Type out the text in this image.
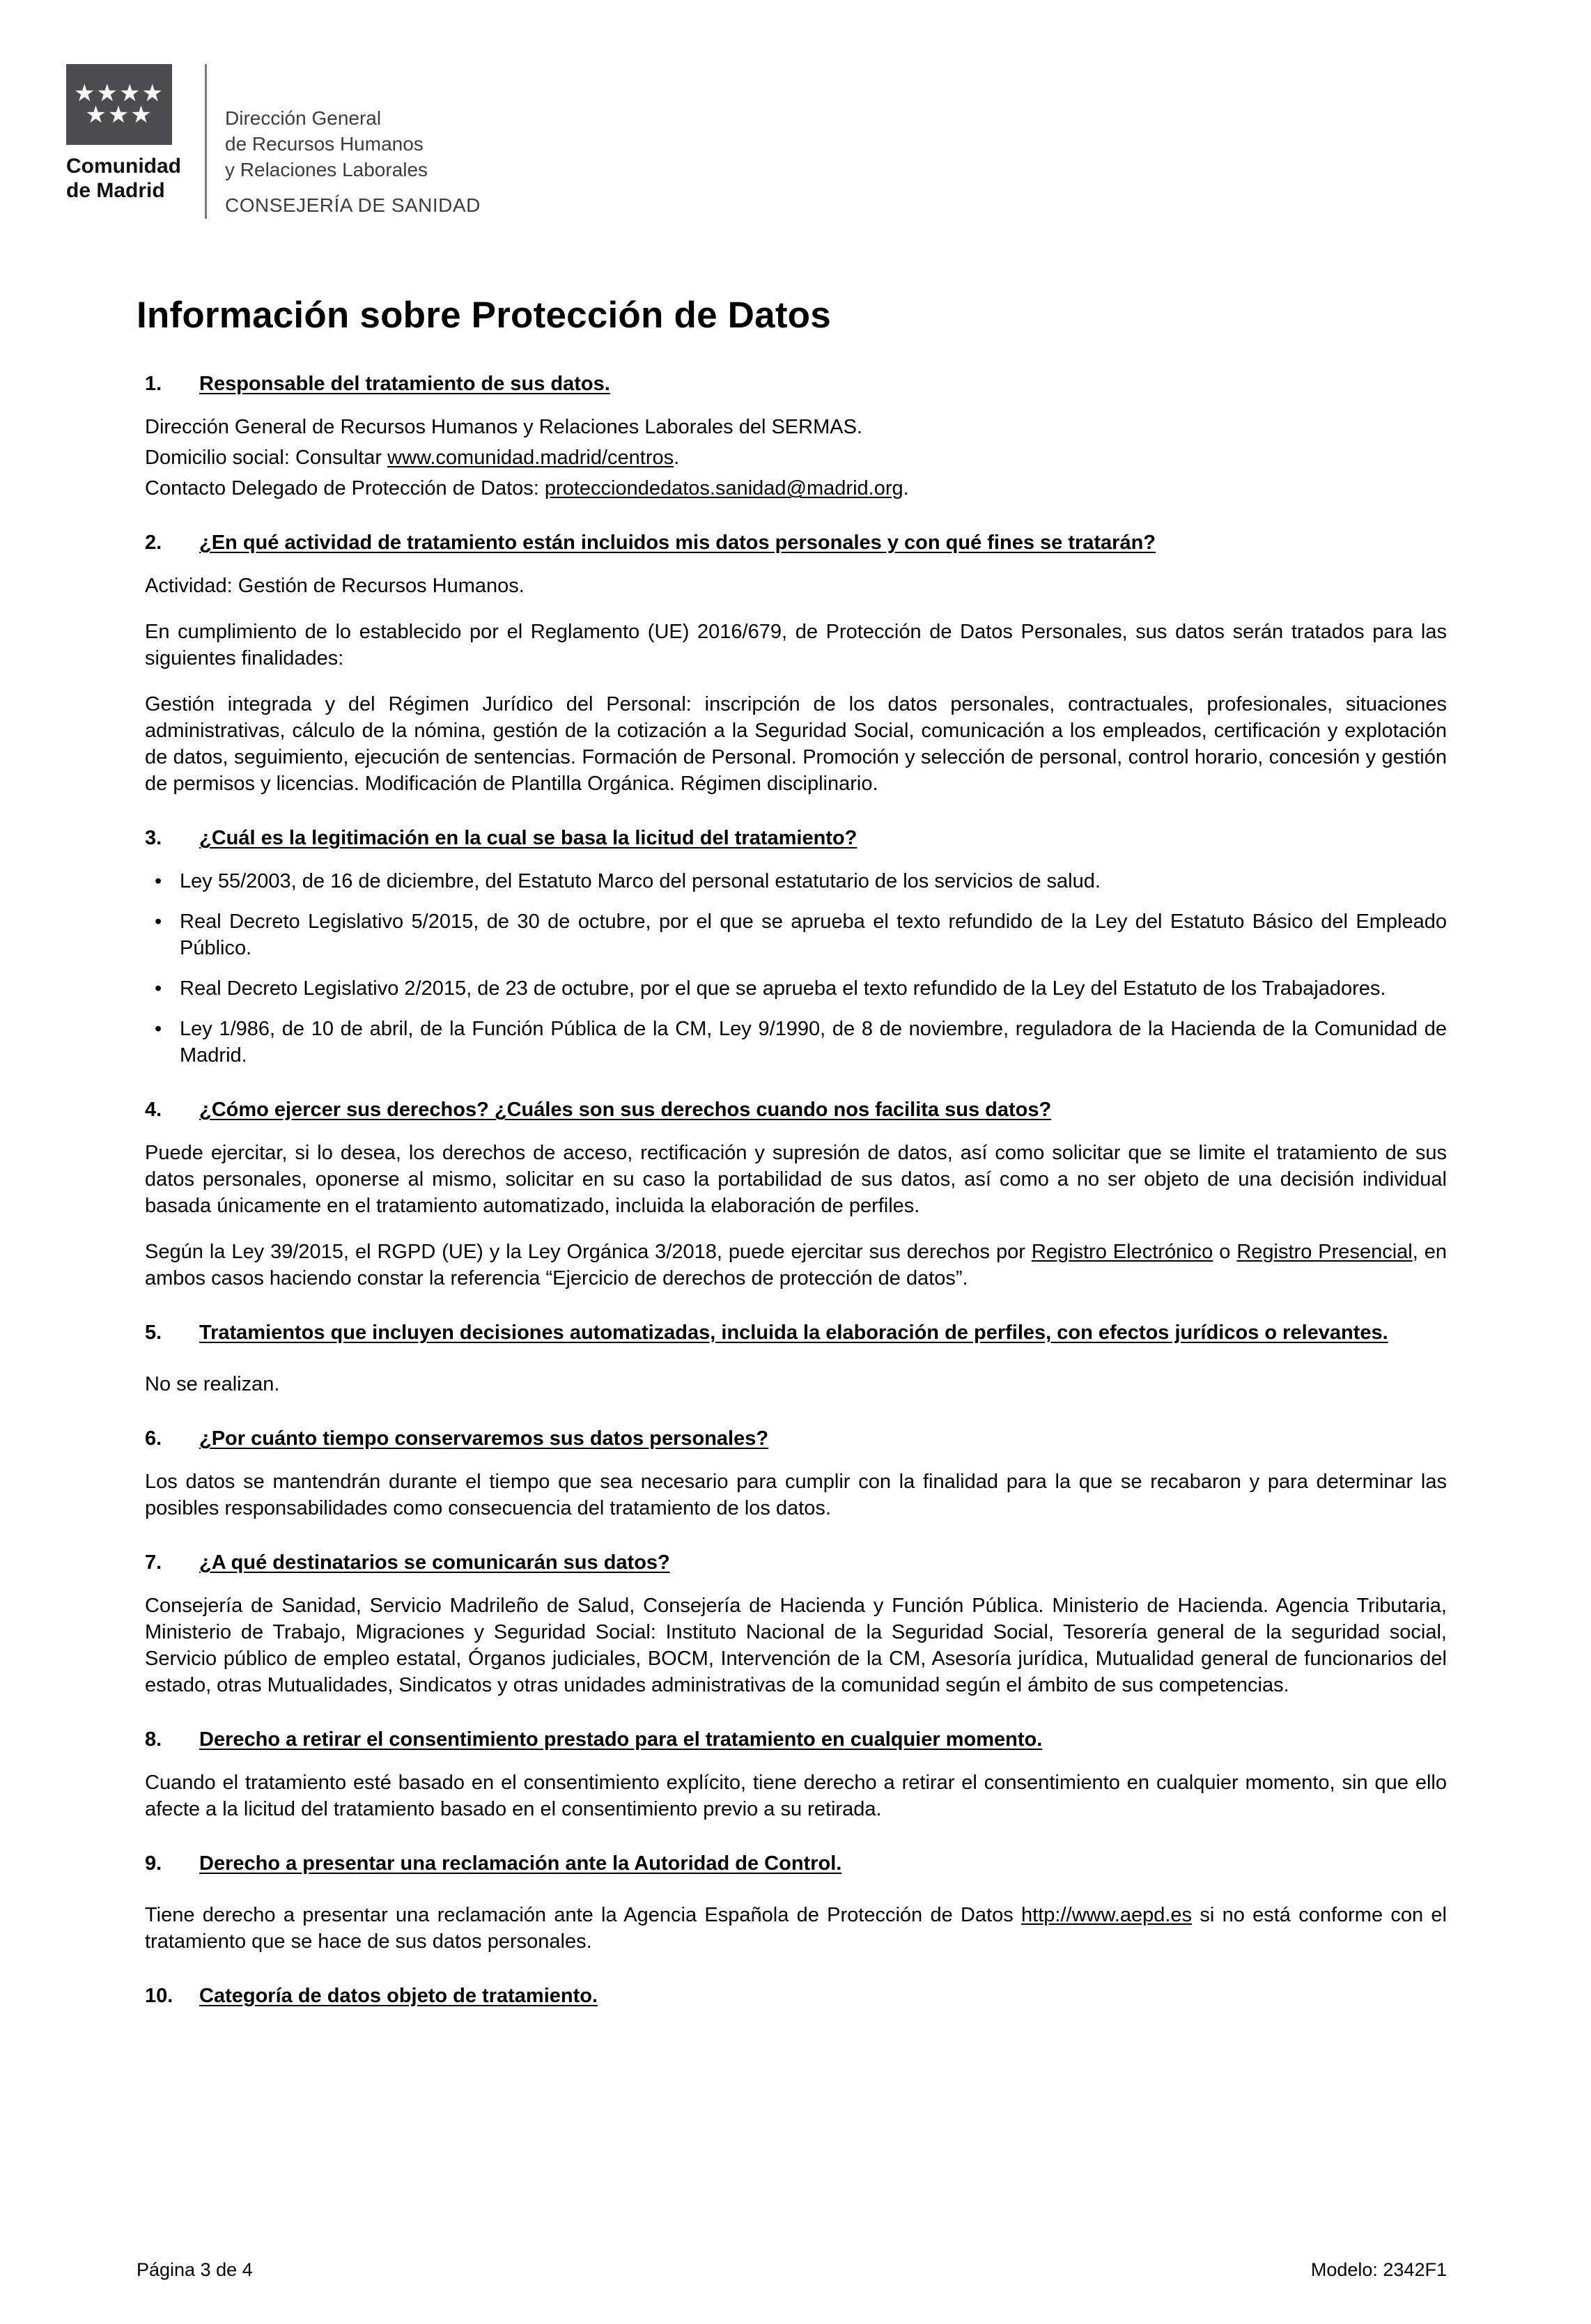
★★★★
★★★
Comunidad
de Madrid

Dirección General

de Recursos Humanos

y Relaciones Laborales

CONSEJERÍA DE SANIDAD

Información sobre Protección de Datos
1.	Responsable del tratamiento de sus datos.

Dirección General de Recursos Humanos y Relaciones Laborales del SERMAS.

Domicilio social: Consultar www.comunidad.madrid/centros.

Contacto Delegado de Protección de Datos: protecciondedatos.sanidad@madrid.org.

2.	¿En qué actividad de tratamiento están incluidos mis datos personales y con qué fines se tratarán?

Actividad: Gestión de Recursos Humanos.

En cumplimiento de lo establecido por el Reglamento (UE) 2016/679, de Protección de Datos Personales, sus datos serán tratados para las siguientes finalidades:

Gestión integrada y del Régimen Jurídico del Personal: inscripción de los datos personales, contractuales, profesionales, situaciones administrativas, cálculo de la nómina, gestión de la cotización a la Seguridad Social, comunicación a los empleados, certificación y explotación de datos, seguimiento, ejecución de sentencias. Formación de Personal. Promoción y selección de personal, control horario, concesión y gestión de permisos y licencias. Modificación de Plantilla Orgánica. Régimen disciplinario.

3.	¿Cuál es la legitimación en la cual se basa la licitud del tratamiento?
• Ley 55/2003, de 16 de diciembre, del Estatuto Marco del personal estatutario de los servicios de salud.
• Real Decreto Legislativo 5/2015, de 30 de octubre, por el que se aprueba el texto refundido de la Ley del Estatuto Básico del Empleado Público.
• Real Decreto Legislativo 2/2015, de 23 de octubre, por el que se aprueba el texto refundido de la Ley del Estatuto de los Trabajadores.
• Ley 1/986, de 10 de abril, de la Función Pública de la CM, Ley 9/1990, de 8 de noviembre, reguladora de la Hacienda de la Comunidad de Madrid.
4.	¿Cómo ejercer sus derechos? ¿Cuáles son sus derechos cuando nos facilita sus datos?

Puede ejercitar, si lo desea, los derechos de acceso, rectificación y supresión de datos, así como solicitar que se limite el tratamiento de sus datos personales, oponerse al mismo, solicitar en su caso la portabilidad de sus datos, así como a no ser objeto de una decisión individual basada únicamente en el tratamiento automatizado, incluida la elaboración de perfiles.

Según la Ley 39/2015, el RGPD (UE) y la Ley Orgánica 3/2018, puede ejercitar sus derechos por Registro Electrónico o Registro Presencial, en ambos casos haciendo constar la referencia “Ejercicio de derechos de protección de datos”.

5.	Tratamientos que incluyen decisiones automatizadas, incluida la elaboración de perfiles, con efectos jurídicos o relevantes.

No se realizan.

6.	¿Por cuánto tiempo conservaremos sus datos personales?

Los datos se mantendrán durante el tiempo que sea necesario para cumplir con la finalidad para la que se recabaron y para determinar las posibles responsabilidades como consecuencia del tratamiento de los datos.

7.	¿A qué destinatarios se comunicarán sus datos?

Consejería de Sanidad, Servicio Madrileño de Salud, Consejería de Hacienda y Función Pública. Ministerio de Hacienda. Agencia Tributaria, Ministerio de Trabajo, Migraciones y Seguridad Social: Instituto Nacional de la Seguridad Social, Tesorería general de la seguridad social, Servicio público de empleo estatal, Órganos judiciales, BOCM, Intervención de la CM, Asesoría jurídica, Mutualidad general de funcionarios del estado, otras Mutualidades, Sindicatos y otras unidades administrativas de la comunidad según el ámbito de sus competencias.

8.	Derecho a retirar el consentimiento prestado para el tratamiento en cualquier momento.

Cuando el tratamiento esté basado en el consentimiento explícito, tiene derecho a retirar el consentimiento en cualquier momento, sin que ello afecte a la licitud del tratamiento basado en el consentimiento previo a su retirada.

9.	Derecho a presentar una reclamación ante la Autoridad de Control.

Tiene derecho a presentar una reclamación ante la Agencia Española de Protección de Datos http://www.aepd.es si no está conforme con el tratamiento que se hace de sus datos personales.

10.	Categoría de datos objeto de tratamiento.
Página 3 de 4	Modelo: 2342F1
